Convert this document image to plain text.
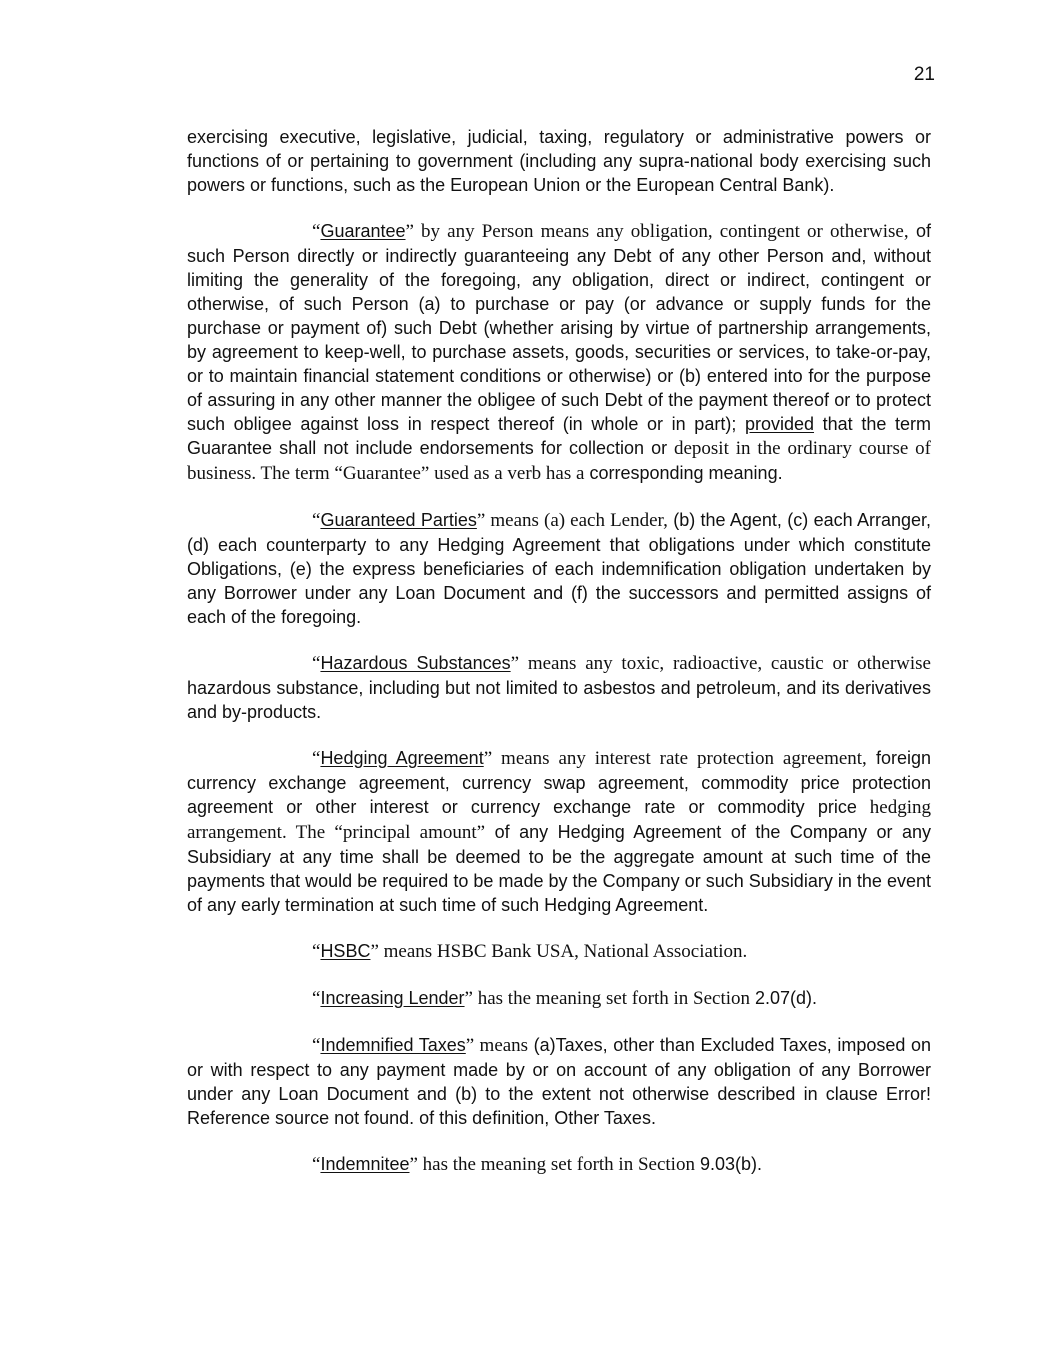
21

exercising executive, legislative, judicial, taxing, regulatory or administrative powers or functions of or pertaining to government (including any supra-national body exercising such powers or functions, such as the European Union or the European Central Bank).

“Guarantee” by any Person means any obligation, contingent or otherwise, of such Person directly or indirectly guaranteeing any Debt of any other Person and, without limiting the generality of the foregoing, any obligation, direct or indirect, contingent or otherwise, of such Person (a) to purchase or pay (or advance or supply funds for the purchase or payment of) such Debt (whether arising by virtue of partnership arrangements, by agreement to keep-well, to purchase assets, goods, securities or services, to take-or-pay, or to maintain financial statement conditions or otherwise) or (b) entered into for the purpose of assuring in any other manner the obligee of such Debt of the payment thereof or to protect such obligee against loss in respect thereof (in whole or in part); provided that the term Guarantee shall not include endorsements for collection or deposit in the ordinary course of business. The term “Guarantee” used as a verb has a corresponding meaning.

“Guaranteed Parties” means (a) each Lender, (b) the Agent, (c) each Arranger, (d) each counterparty to any Hedging Agreement that obligations under which constitute Obligations, (e) the express beneficiaries of each indemnification obligation undertaken by any Borrower under any Loan Document and (f) the successors and permitted assigns of each of the foregoing.

“Hazardous Substances” means any toxic, radioactive, caustic or otherwise hazardous substance, including but not limited to asbestos and petroleum, and its derivatives and by-products.

“Hedging Agreement” means any interest rate protection agreement, foreign currency exchange agreement, currency swap agreement, commodity price protection agreement or other interest or currency exchange rate or commodity price hedging arrangement. The “principal amount” of any Hedging Agreement of the Company or any Subsidiary at any time shall be deemed to be the aggregate amount at such time of the payments that would be required to be made by the Company or such Subsidiary in the event of any early termination at such time of such Hedging Agreement.

“HSBC” means HSBC Bank USA, National Association.

“Increasing Lender” has the meaning set forth in Section 2.07(d).

“Indemnified Taxes” means (a)Taxes, other than Excluded Taxes, imposed on or with respect to any payment made by or on account of any obligation of any Borrower under any Loan Document and (b) to the extent not otherwise described in clause Error! Reference source not found. of this definition, Other Taxes.

“Indemnitee” has the meaning set forth in Section 9.03(b).
